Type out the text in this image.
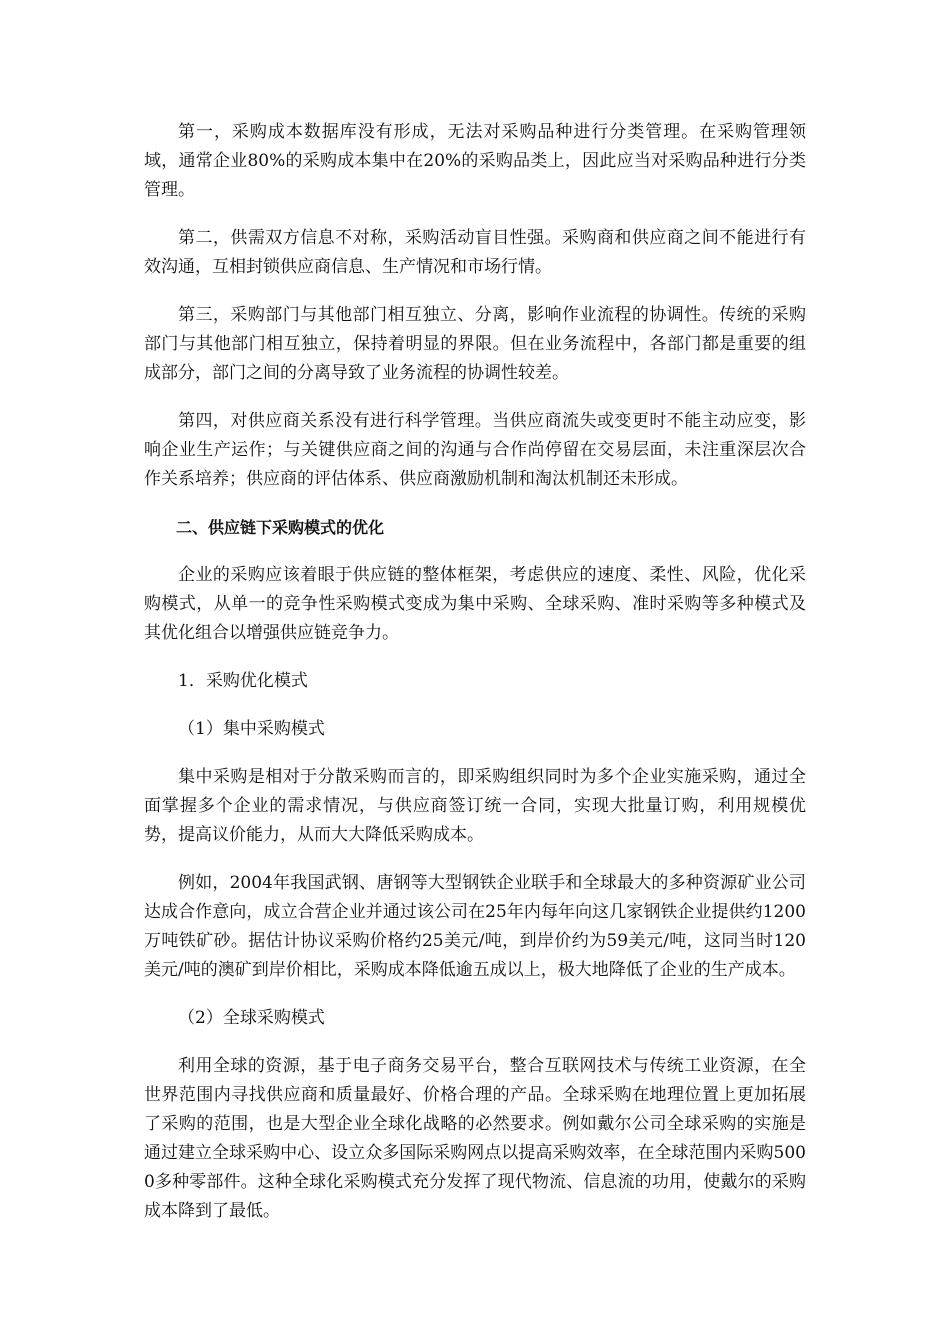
第一，采购成本数据库没有形成，无法对采购品种进行分类管理。在采购管理领域，通常企业80%的采购成本集中在20%的采购品类上，因此应当对采购品种进行分类管理。

第二，供需双方信息不对称，采购活动盲目性强。采购商和供应商之间不能进行有效沟通，互相封锁供应商信息、生产情况和市场行情。

第三，采购部门与其他部门相互独立、分离，影响作业流程的协调性。传统的采购部门与其他部门相互独立，保持着明显的界限。但在业务流程中，各部门都是重要的组成部分，部门之间的分离导致了业务流程的协调性较差。

第四，对供应商关系没有进行科学管理。当供应商流失或变更时不能主动应变，影响企业生产运作；与关键供应商之间的沟通与合作尚停留在交易层面，未注重深层次合作关系培养；供应商的评估体系、供应商激励机制和淘汰机制还未形成。

二、供应链下采购模式的优化

企业的采购应该着眼于供应链的整体框架，考虑供应的速度、柔性、风险，优化采购模式，从单一的竞争性采购模式变成为集中采购、全球采购、准时采购等多种模式及其优化组合以增强供应链竞争力。

1．采购优化模式

（1）集中采购模式

集中采购是相对于分散采购而言的，即采购组织同时为多个企业实施采购，通过全面掌握多个企业的需求情况，与供应商签订统一合同，实现大批量订购，利用规模优势，提高议价能力，从而大大降低采购成本。

例如，2004年我国武钢、唐钢等大型钢铁企业联手和全球最大的多种资源矿业公司达成合作意向，成立合营企业并通过该公司在25年内每年向这几家钢铁企业提供约1200万吨铁矿砂。据估计协议采购价格约25美元/吨，到岸价约为59美元/吨，这同当时120美元/吨的澳矿到岸价相比，采购成本降低逾五成以上，极大地降低了企业的生产成本。

（2）全球采购模式

利用全球的资源，基于电子商务交易平台，整合互联网技术与传统工业资源，在全世界范围内寻找供应商和质量最好、价格合理的产品。全球采购在地理位置上更加拓展了采购的范围，也是大型企业全球化战略的必然要求。例如戴尔公司全球采购的实施是通过建立全球采购中心、设立众多国际采购网点以提高采购效率，在全球范围内采购5000多种零部件。这种全球化采购模式充分发挥了现代物流、信息流的功用，使戴尔的采购成本降到了最低。
